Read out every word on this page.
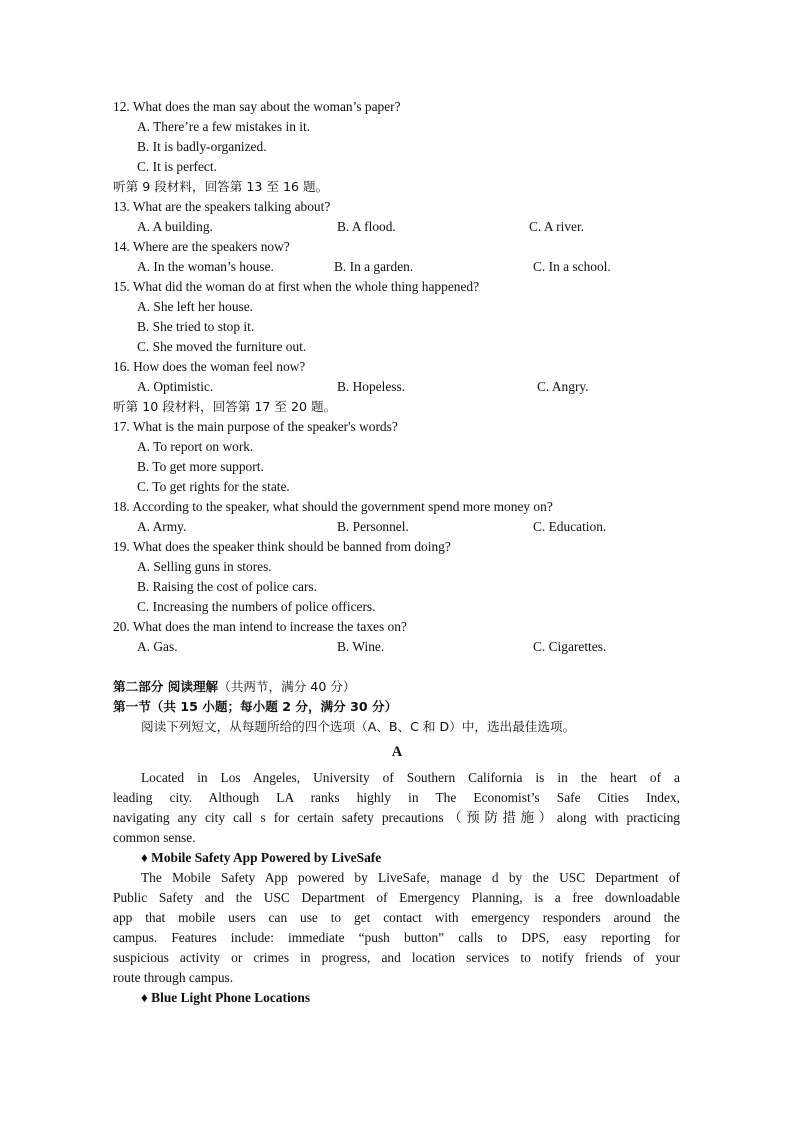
12. What does the man say about the woman’s paper?
A. There’re a few mistakes in it.
B. It is badly-organized.
C. It is perfect.
听第 9 段材料，回答第 13 至 16 题。
13. What are the speakers talking about?
A. A building.	B. A flood.	C. A river.
14. Where are the speakers now?
A. In the woman’s house.	B. In a garden.	C. In a school.
15. What did the woman do at first when the whole thing happened?
A. She left her house.
B. She tried to stop it.
C. She moved the furniture out.
16. How does the woman feel now?
A. Optimistic.	B. Hopeless.	C. Angry.
听第 10 段材料，回答第 17 至 20 题。
17. What is the main purpose of the speaker's words?
A. To report on work.
B. To get more support.
C. To get rights for the state.
18. According to the speaker, what should the government spend more money on?
A. Army.	B. Personnel.	C. Education.
19. What does the speaker think should be banned from doing?
A. Selling guns in stores.
B. Raising the cost of police cars.
C. Increasing the numbers of police officers.
20. What does the man intend to increase the taxes on?
A. Gas.	B. Wine.	C. Cigarettes.
第二部分 阅读理解（共两节，满分 40 分）
第一节（共 15 小题；每小题 2 分，满分 30 分）
阅读下列短文，从每题所给的四个选项（A、B、C 和 D）中，选出最佳选项。
A
Located in Los Angeles, University of Southern California is in the heart of a
leading city. Although LA ranks highly in The Economist’s Safe Cities Index,
navigating any city call s for certain safety precautions（预防措施）along with practicing
common sense.
♦ Mobile Safety App Powered by LiveSafe
The Mobile Safety App powered by LiveSafe, manage d by the USC Department of
Public Safety and the USC Department of Emergency Planning, is a free downloadable
app that mobile users can use to get contact with emergency responders around the
campus. Features include: immediate “push button” calls to DPS, easy reporting for
suspicious activity or crimes in progress, and location services to notify friends of your
route through campus.
♦ Blue Light Phone Locations
